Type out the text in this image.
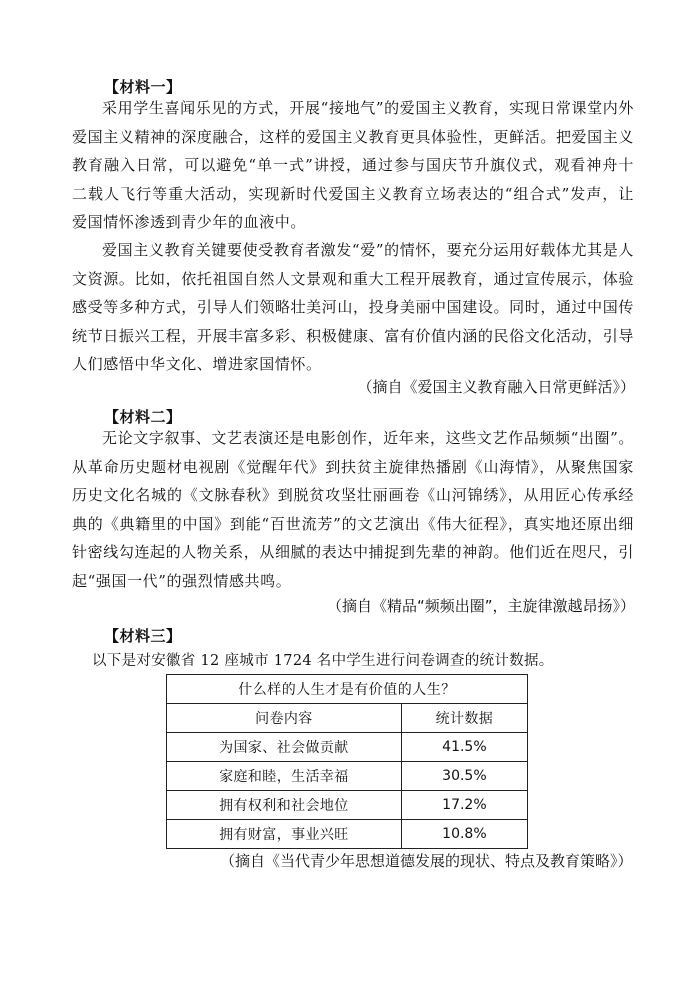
【材料一】
采用学生喜闻乐见的方式，开展“接地气”的爱国主义教育，实现日常课堂内外爱国主义精神的深度融合，这样的爱国主义教育更具体验性，更鲜活。把爱国主义教育融入日常，可以避免“单一式”讲授，通过参与国庆节升旗仪式，观看神舟十二载人飞行等重大活动，实现新时代爱国主义教育立场表达的“组合式”发声，让爱国情怀渗透到青少年的血液中。
爱国主义教育关键要使受教育者激发“爱”的情怀，要充分运用好载体尤其是人文资源。比如，依托祖国自然人文景观和重大工程开展教育，通过宣传展示，体验感受等多种方式，引导人们领略壮美河山，投身美丽中国建设。同时，通过中国传统节日振兴工程，开展丰富多彩、积极健康、富有价值内涵的民俗文化活动，引导人们感悟中华文化、增进家国情怀。
（摘自《爱国主义教育融入日常更鲜活》）
【材料二】
无论文字叙事、文艺表演还是电影创作，近年来，这些文艺作品频频“出圈”。从革命历史题材电视剧《觉醒年代》到扶贫主旋律热播剧《山海情》，从聚焦国家历史文化名城的《文脉春秋》到脱贫攻坚壮丽画卷《山河锦绣》，从用匠心传承经典的《典籍里的中国》到能“百世流芳”的文艺演出《伟大征程》，真实地还原出细针密线勾连起的人物关系，从细腻的表达中捕捉到先辈的神韵。他们近在咫尺，引起“强国一代”的强烈情感共鸣。
（摘自《精品“频频出圈”，主旋律激越昂扬》）
【材料三】
以下是对安徽省 12 座城市 1724 名中学生进行问卷调查的统计数据。
什么样的人生才是有价值的人生？	
问卷内容	统计数据
为国家、社会做贡献	41.5%
家庭和睦，生活幸福	30.5%
拥有权利和社会地位	17.2%
拥有财富，事业兴旺	10.8%
（摘自《当代青少年思想道德发展的现状、特点及教育策略》）
